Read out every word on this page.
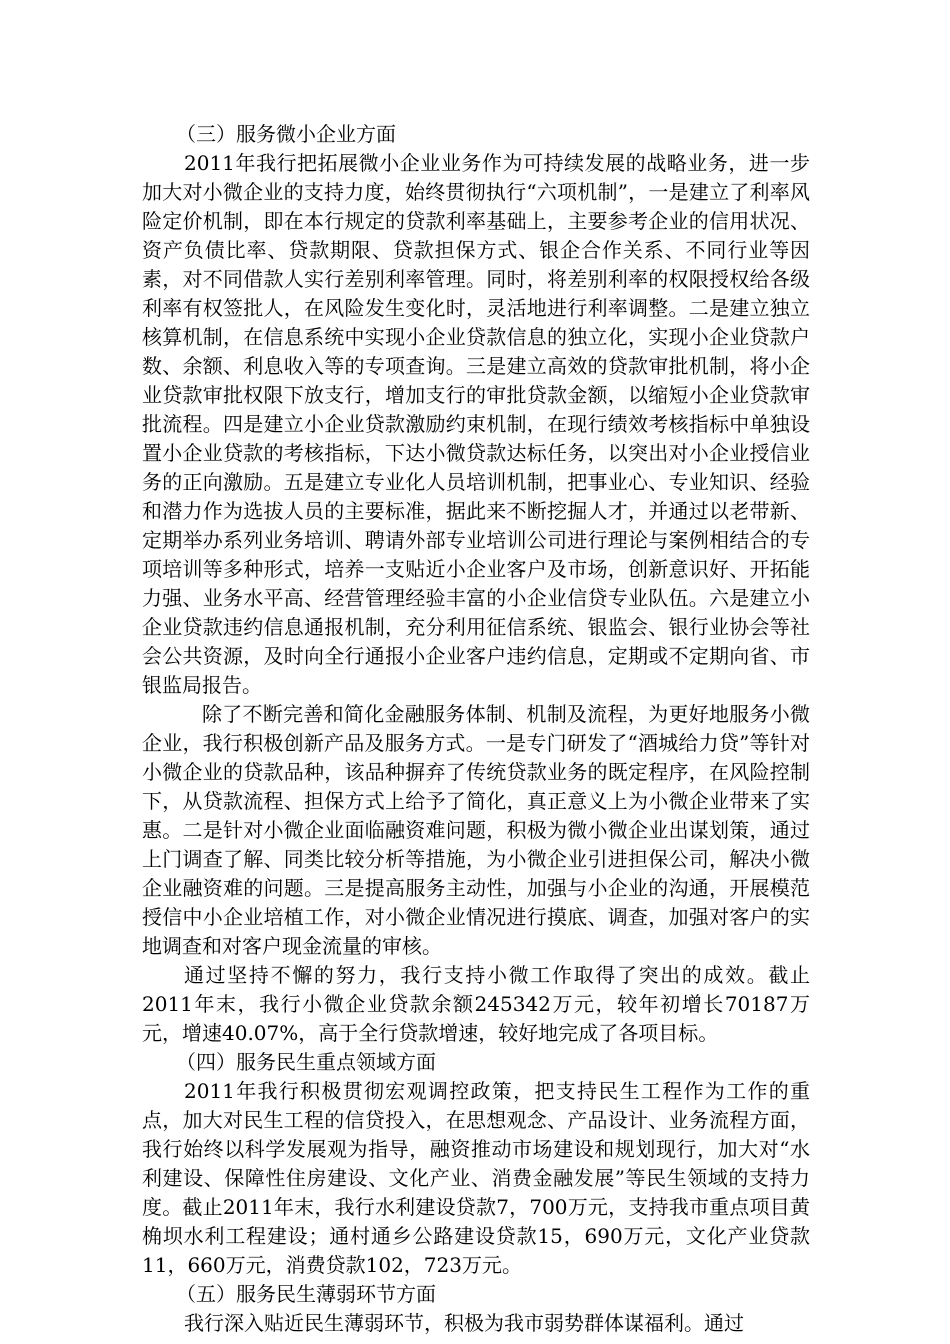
（三）服务微小企业方面

2011年我行把拓展微小企业业务作为可持续发展的战略业务，进一步加大对小微企业的支持力度，始终贯彻执行“六项机制”，一是建立了利率风险定价机制，即在本行规定的贷款利率基础上，主要参考企业的信用状况、资产负债比率、贷款期限、贷款担保方式、银企合作关系、不同行业等因素，对不同借款人实行差别利率管理。同时，将差别利率的权限授权给各级利率有权签批人，在风险发生变化时，灵活地进行利率调整。二是建立独立核算机制，在信息系统中实现小企业贷款信息的独立化，实现小企业贷款户数、余额、利息收入等的专项查询。三是建立高效的贷款审批机制，将小企业贷款审批权限下放支行，增加支行的审批贷款金额，以缩短小企业贷款审批流程。四是建立小企业贷款激励约束机制，在现行绩效考核指标中单独设置小企业贷款的考核指标，下达小微贷款达标任务，以突出对小企业授信业务的正向激励。五是建立专业化人员培训机制，把事业心、专业知识、经验和潜力作为选拔人员的主要标准，据此来不断挖掘人才，并通过以老带新、定期举办系列业务培训、聘请外部专业培训公司进行理论与案例相结合的专项培训等多种形式，培养一支贴近小企业客户及市场，创新意识好、开拓能力强、业务水平高、经营管理经验丰富的小企业信贷专业队伍。六是建立小企业贷款违约信息通报机制，充分利用征信系统、银监会、银行业协会等社会公共资源，及时向全行通报小企业客户违约信息，定期或不定期向省、市银监局报告。

除了不断完善和简化金融服务体制、机制及流程，为更好地服务小微企业，我行积极创新产品及服务方式。一是专门研发了“酒城给力贷”等针对小微企业的贷款品种，该品种摒弃了传统贷款业务的既定程序，在风险控制下，从贷款流程、担保方式上给予了简化，真正意义上为小微企业带来了实惠。二是针对小微企业面临融资难问题，积极为微小微企业出谋划策，通过上门调查了解、同类比较分析等措施，为小微企业引进担保公司，解决小微企业融资难的问题。三是提高服务主动性，加强与小企业的沟通，开展模范授信中小企业培植工作，对小微企业情况进行摸底、调查，加强对客户的实地调查和对客户现金流量的审核。

通过坚持不懈的努力，我行支持小微工作取得了突出的成效。截止2011年末，我行小微企业贷款余额245342万元，较年初增长70187万元，增速40.07%，高于全行贷款增速，较好地完成了各项目标。

（四）服务民生重点领域方面

2011年我行积极贯彻宏观调控政策，把支持民生工程作为工作的重点，加大对民生工程的信贷投入，在思想观念、产品设计、业务流程方面，我行始终以科学发展观为指导，融资推动市场建设和规划现行，加大对“水利建设、保障性住房建设、文化产业、消费金融发展”等民生领域的支持力度。截止2011年末，我行水利建设贷款7，700万元，支持我市重点项目黄桷坝水利工程建设；通村通乡公路建设贷款15，690万元，文化产业贷款11，660万元，消费贷款102，723万元。

（五）服务民生薄弱环节方面

我行深入贴近民生薄弱环节，积极为我市弱势群体谋福利。通过
